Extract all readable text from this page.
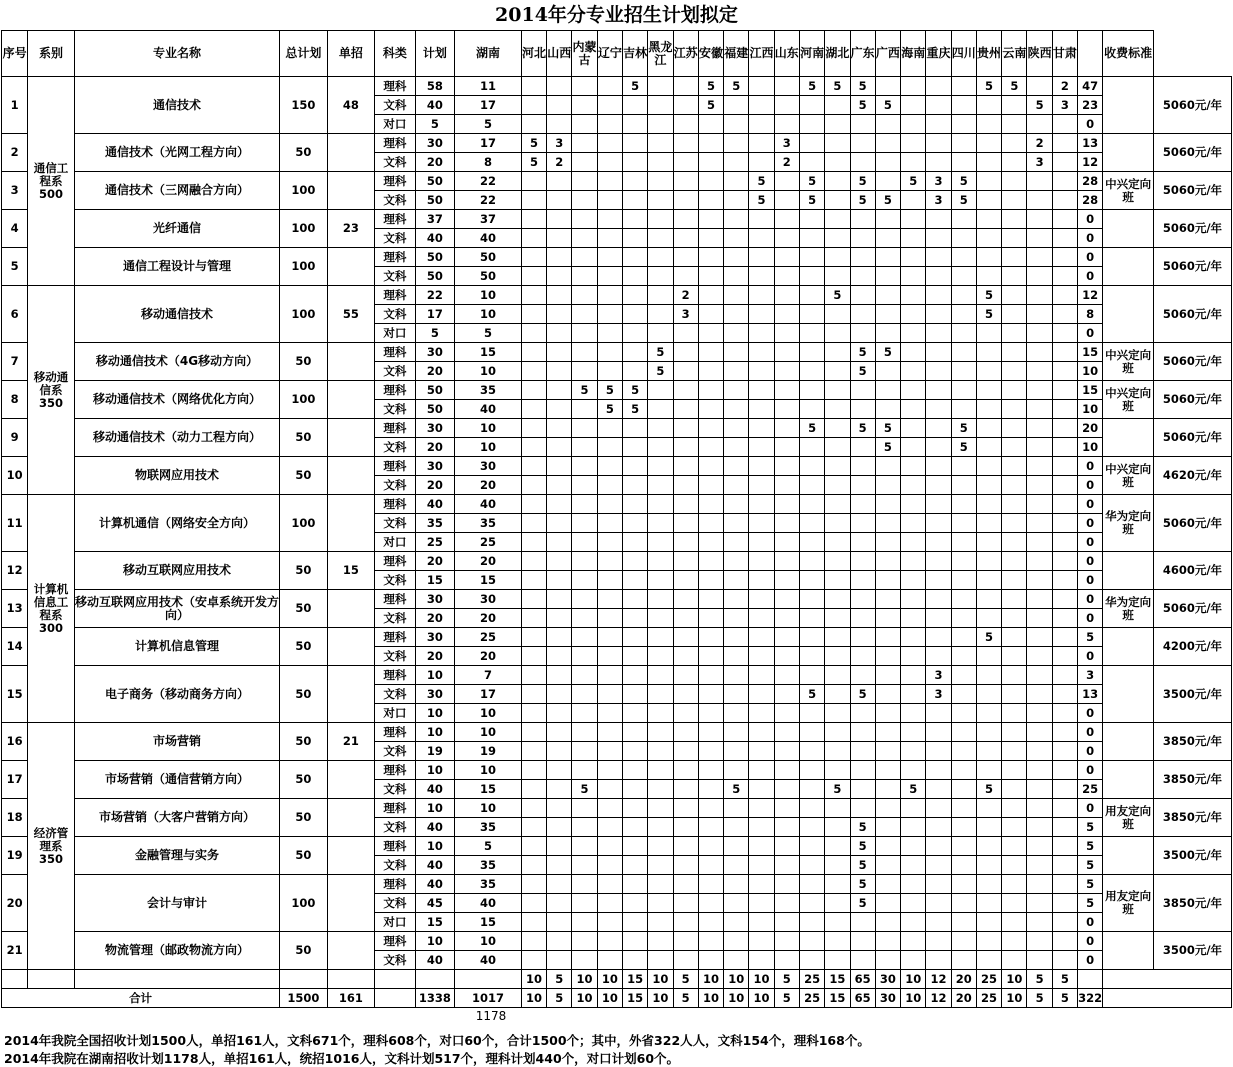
2014年分专业招生计划拟定
序号	系别	专业名称	总计划	单招	科类	计划	湖南	河北	山西	内蒙古	辽宁	吉林	黑龙江	江苏	安徽	福建	江西	山东	河南	湖北	广东	广西	海南	重庆	四川	贵州	云南	陕西	甘肃		收费标准	
1	通信工程系500	通信技术	150	48	理科	58	11					5			5	5			5	5	5					5	5		2	47		5060元/年
					文科	40	17								5						5	5						5	3	23		
					对口	5	5																							0		
2		通信技术（光网工程方向）	50		理科	30	17	5	3									3										2		13		5060元/年
					文科	20	8	5	2									2										3		12		
3		通信技术（三网融合方向）	100		理科	50	22										5		5		5		5	3	5					28	中兴定向班	5060元/年
					文科	50	22										5		5		5	5		3	5					28		
4		光纤通信	100	23	理科	37	37																							0		5060元/年
					文科	40	40																							0		
5		通信工程设计与管理	100		理科	50	50																							0		5060元/年
					文科	50	50																							0		
6	移动通信系350	移动通信技术	100	55	理科	22	10							2						5						5				12		5060元/年
					文科	17	10							3												5				8		
					对口	5	5																							0		
7		移动通信技术（4G移动方向）	50		理科	30	15						5								5	5								15	中兴定向班	5060元/年
					文科	20	10						5								5									10		
8		移动通信技术（网络优化方向）	100		理科	50	35			5	5	5																		15	中兴定向班	5060元/年
					文科	50	40				5	5																		10		
9		移动通信技术（动力工程方向）	50		理科	30	10												5		5	5			5					20		5060元/年
					文科	20	10															5			5					10		
10		物联网应用技术	50		理科	30	30																							0	中兴定向班	4620元/年
					文科	20	20																							0		
11	计算机信息工程系300	计算机通信（网络安全方向）	100		理科	40	40																							0	华为定向班	5060元/年
					文科	35	35																							0		
					对口	25	25																							0		
12		移动互联网应用技术	50	15	理科	20	20																							0		4600元/年
					文科	15	15																							0		
13		移动互联网应用技术（安卓系统开发方向）	50		理科	30	30																							0	华为定向班	5060元/年
					文科	20	20																							0		
14		计算机信息管理	50		理科	30	25																			5				5		4200元/年
					文科	20	20																							0		
15		电子商务（移动商务方向）	50		理科	10	7																	3						3		3500元/年
					文科	30	17												5		5			3						13		
					对口	10	10																							0		
16	经济管理系350	市场营销	50	21	理科	10	10																							0		3850元/年
					文科	19	19																							0		
17		市场营销（通信营销方向）	50		理科	10	10																							0		3850元/年
					文科	40	15			5						5				5			5			5				25		
18		市场营销（大客户营销方向）	50		理科	10	10																							0	用友定向班	3850元/年
					文科	40	35														5									5		
19		金融管理与实务	50		理科	10	5														5									5		3500元/年
					文科	40	35														5									5		
20		会计与审计	100		理科	40	35														5									5	用友定向班	3850元/年
					文科	45	40														5									5		
					对口	15	15																							0		
21		物流管理（邮政物流方向）	50		理科	10	10																							0		3500元/年
					文科	40	40																							0		
								10	5	10	10	15	10	5	10	10	10	5	25	15	65	30	10	12	20	25	10	5	5			
合计			1500	161		1338	1017	10	5	10	10	15	10	5	10	10	10	5	25	15	65	30	10	12	20	25	10	5	5	322		
1178
2014年我院全国招收计划1500人，单招161人，文科671个，理科608个，对口60个，合计1500个；其中，外省322人人，文科154个，理科168个。
2014年我院在湖南招收计划1178人，单招161人，统招1016人，文科计划517个，理科计划440个，对口计划60个。
